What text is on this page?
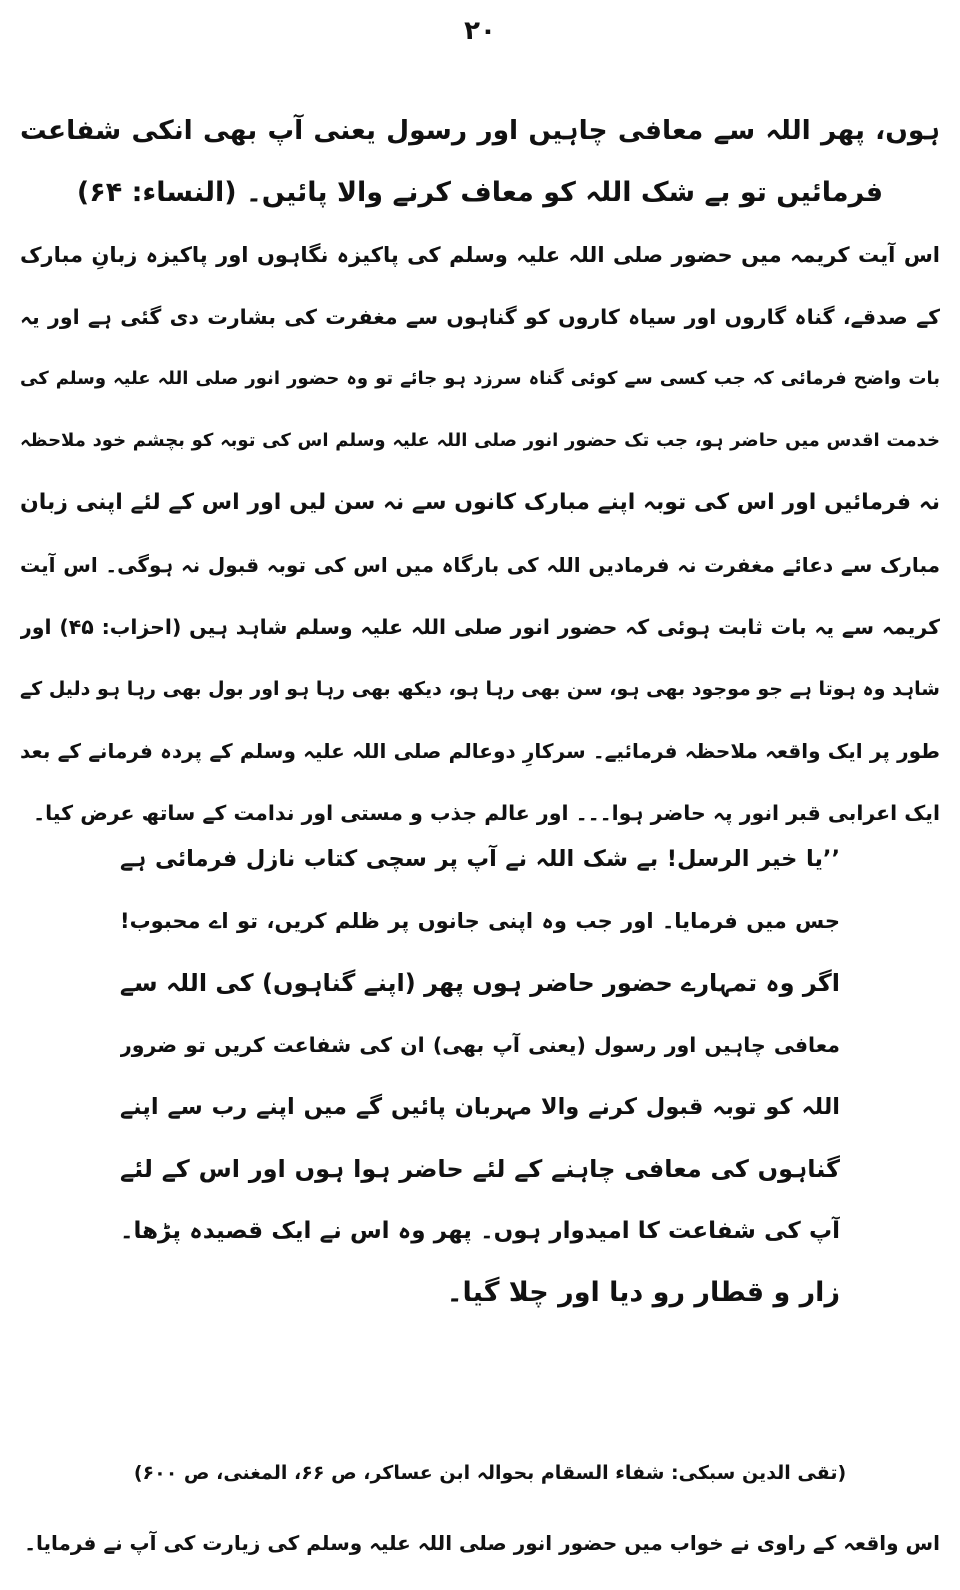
۲۰
ہوں، پھر اللہ سے معافی چاہیں اور رسول یعنی آپ بھی انکی شفاعت
فرمائیں تو بے شک اللہ کو معاف کرنے والا پائیں۔ (النساء: ۶۴)
اس آیت کریمہ میں حضور صلی اللہ علیہ وسلم کی پاکیزہ نگاہوں اور پاکیزہ زبانِ مبارک
کے صدقے، گناہ گاروں اور سیاہ کاروں کو گناہوں سے مغفرت کی بشارت دی گئی ہے اور یہ
بات واضح فرمائی کہ جب کسی سے کوئی گناہ سرزد ہو جائے تو وہ حضور انور صلی اللہ علیہ وسلم کی
خدمت اقدس میں حاضر ہو، جب تک حضور انور صلی اللہ علیہ وسلم اس کی توبہ کو بچشم خود ملاحظہ
نہ فرمائیں اور اس کی توبہ اپنے مبارک کانوں سے نہ سن لیں اور اس کے لئے اپنی زبان
مبارک سے دعائے مغفرت نہ فرمادیں اللہ کی بارگاہ میں اس کی توبہ قبول نہ ہوگی۔ اس آیت
کریمہ سے یہ بات ثابت ہوئی کہ حضور انور صلی اللہ علیہ وسلم شاہد ہیں (احزاب: ۴۵) اور
شاہد وہ ہوتا ہے جو موجود بھی ہو، سن بھی رہا ہو، دیکھ بھی رہا ہو اور بول بھی رہا ہو دلیل کے
طور پر ایک واقعہ ملاحظہ فرمائیے۔ سرکارِ دوعالم صلی اللہ علیہ وسلم کے پردہ فرمانے کے بعد
ایک اعرابی قبر انور پہ حاضر ہوا۔۔۔ اور عالم جذب و مستی اور ندامت کے ساتھ عرض کیا۔
’’یا خیر الرسل! بے شک اللہ نے آپ پر سچی کتاب نازل فرمائی ہے
جس میں فرمایا۔ اور جب وہ اپنی جانوں پر ظلم کریں، تو اے محبوب!
اگر وہ تمہارے حضور حاضر ہوں پھر (اپنے گناہوں) کی اللہ سے
معافی چاہیں اور رسول (یعنی آپ بھی) ان کی شفاعت کریں تو ضرور
اللہ کو توبہ قبول کرنے والا مہربان پائیں گے میں اپنے رب سے اپنے
گناہوں کی معافی چاہنے کے لئے حاضر ہوا ہوں اور اس کے لئے
آپ کی شفاعت کا امیدوار ہوں۔ پھر وہ اس نے ایک قصیدہ پڑھا۔
زار و قطار رو دیا اور چلا گیا۔
(تقی الدین سبکی: شفاء السقام بحوالہ ابن عساکر، ص ۶۶، المغنی، ص ۶۰۰)
اس واقعہ کے راوی نے خواب میں حضور انور صلی اللہ علیہ وسلم کی زیارت کی آپ نے فرمایا۔
